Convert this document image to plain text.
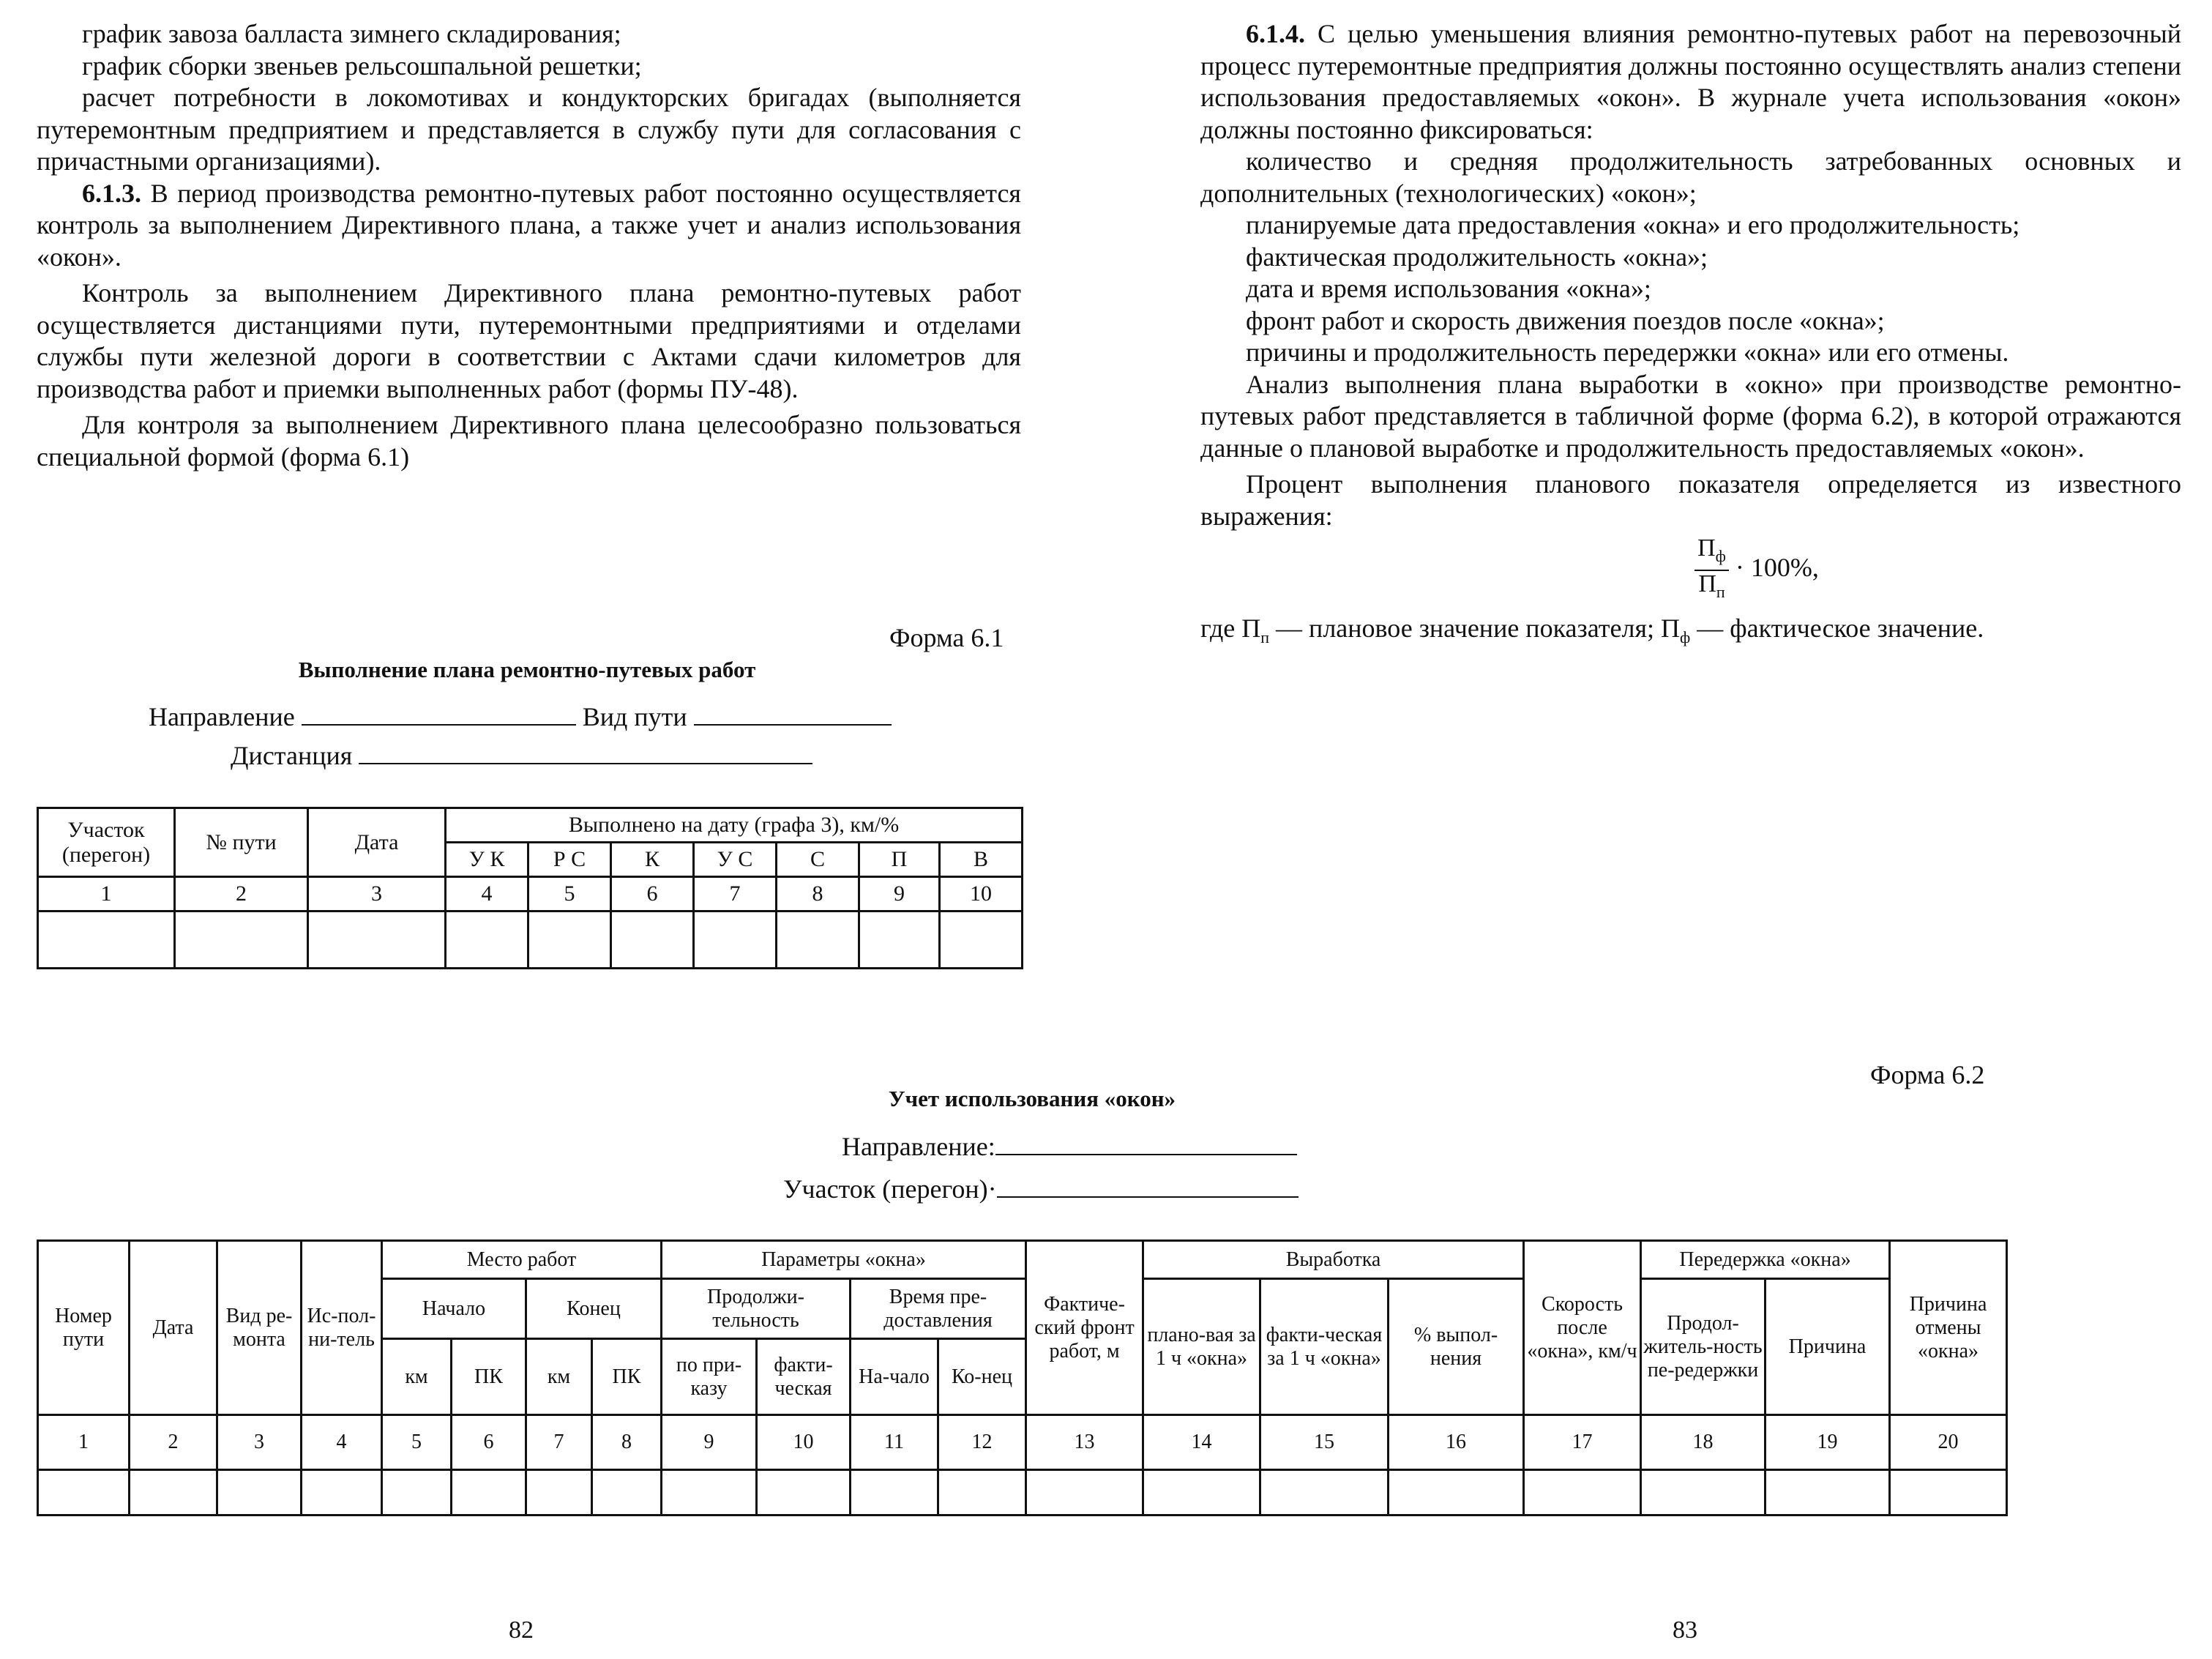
график завоза балласта зимнего складирования;

график сборки звеньев рельсошпальной решетки;

расчет потребности в локомотивах и кондукторских бригадах (выполняется путеремонтным предприятием и представляется в службу пути для согласования с причастными организациями).

6.1.3. В период производства ремонтно-путевых работ постоянно осуществляется контроль за выполнением Директивного плана, а также учет и анализ использования «окон».

Контроль за выполнением Директивного плана ремонтно-путевых работ осуществляется дистанциями пути, путеремонтными предприятиями и отделами службы пути железной дороги в соответствии с Актами сдачи километров для производства работ и приемки выполненных работ (формы ПУ-48).

Для контроля за выполнением Директивного плана целесообразно пользоваться специальной формой (форма 6.1)

Форма 6.1
Выполнение плана ремонтно-путевых работ
Направление	Вид пути
Дистанция
Участок (перегон)	№ пути	Дата	Выполнено на дату (графа 3), км/%						
			У К	Р С	К	У С	С	П	В
1	2	3	4	5	6	7	8	9	10

6.1.4. С целью уменьшения влияния ремонтно-путевых работ на перевозочный процесс путеремонтные предприятия должны постоянно осуществлять анализ степени использования предоставляемых «окон». В журнале учета использования «окон» должны постоянно фиксироваться:

количество и средняя продолжительность затребованных основных и дополнительных (технологических) «окон»;

планируемые дата предоставления «окна» и его продолжительность;

фактическая продолжительность «окна»;

дата и время использования «окна»;

фронт работ и скорость движения поездов после «окна»;

причины и продолжительность передержки «окна» или его отмены.

Анализ выполнения плана выработки в «окно» при производстве ремонтно-путевых работ представляется в табличной форме (форма 6.2), в которой отражаются данные о плановой выработке и продолжительность предоставляемых «окон».

Процент выполнения планового показателя определяется из известного выражения:

$\frac{П_ф}{П_п} \cdot 100\%$,

где $П_п$ — плановое значение показателя; $П_ф$ — фактическое значение.

Форма 6.2
Учет использования «окон»
Направление:
Участок (перегон)·
Номер пути	Дата	Вид ре-монта	Ис-пол-ни-тель	Место работ				Параметры «окна»				Фактиче-ский фронт работ, м	Выработка			Скорость после «окна», км/ч	Передержка «окна»		Причина отмены «окна»
				Начало		Конец		Продолжи-тельность		Время пре-доставления			плано-вая за 1 ч «окна»	факти-ческая за 1 ч «окна»	% выпол-нения		Продол-житель-ность пе-редержки	Причина	
				км	ПК	км	ПК	по при-казу	факти-ческая	На-чало	Ко-нец								
1	2	3	4	5	6	7	8	9	10	11	12	13	14	15	16	17	18	19	20

82	83
